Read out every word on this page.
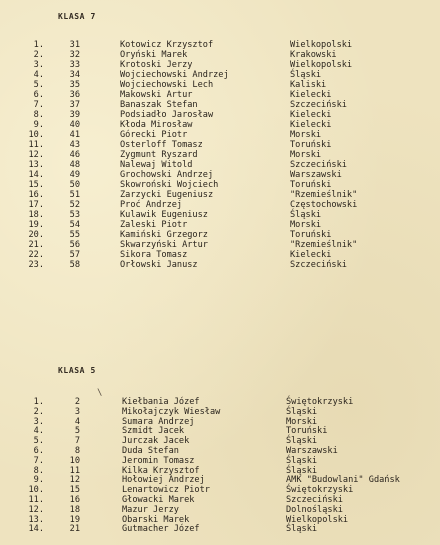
KLASA 7
1.	31	Kotowicz Krzysztof	Wielkopolski
2.	32	Oryński Marek	Krakowski
3.	33	Krotoski Jerzy	Wielkopolski
4.	34	Wojciechowski Andrzej	Śląski
5.	35	Wojciechowski Lech	Kaliski
6.	36	Makowski Artur	Kielecki
7.	37	Banaszak Stefan	Szczeciński
8.	39	Podsiadło Jarosław	Kielecki
9.	40	Kłoda Mirosław	Kielecki
10.	41	Górecki Piotr	Morski
11.	43	Osterloff Tomasz	Toruński
12.	46	Zygmunt Ryszard	Morski
13.	48	Nalewaj Witold	Szczeciński
14.	49	Grochowski Andrzej	Warszawski
15.	50	Skowroński Wojciech	Toruński
16.	51	Zarzycki Eugeniusz	"Rzemieślnik"
17.	52	Proć Andrzej	Częstochowski
18.	53	Kulawik Eugeniusz	Śląski
19.	54	Zaleski Piotr	Morski
20.	55	Kamiński Grzegorz	Toruński
21.	56	Skwarzyński Artur	"Rzemieślnik"
22.	57	Sikora Tomasz	Kielecki
23.	58	Orłowski Janusz	Szczeciński
\
KLASA 5
1.	2	Kiełbania Józef	Świętokrzyski
2.	3	Mikołajczyk Wiesław	Śląski
3.	4	Sumara Andrzej	Morski
4.	5	Szmidt Jacek	Toruński
5.	7	Jurczak Jacek	Śląski
6.	8	Duda Stefan	Warszawski
7.	10	Jeromin Tomasz	Śląski
8.	11	Kilka Krzysztof	Śląski
9.	12	Hołowiej Andrzej	AMK "Budowlani" Gdańsk
10.	15	Lenartowicz Piotr	Świętokrzyski
11.	16	Głowacki Marek	Szczeciński
12.	18	Mazur Jerzy	Dolnośląski
13.	19	Obarski Marek	Wielkopolski
14.	21	Gutmacher Józef	Śląski
